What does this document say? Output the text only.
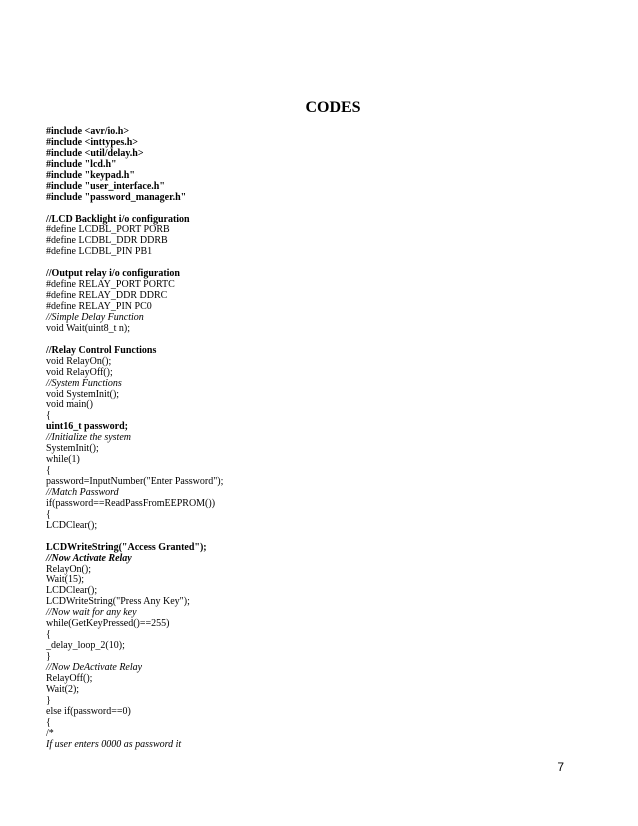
CODES
#include <avr/io.h>
#include <inttypes.h>
#include <util/delay.h>
#include "lcd.h"
#include "keypad.h"
#include "user_interface.h"
#include "password_manager.h"
//LCD Backlight i/o configuration
#define LCDBL_PORT PORB
#define LCDBL_DDR DDRB
#define LCDBL_PIN PB1
//Output relay i/o configuration
#define RELAY_PORT PORTC
#define RELAY_DDR DDRC
#define RELAY_PIN PC0
//Simple Delay Function
void Wait(uint8_t n);
//Relay Control Functions
void RelayOn();
void RelayOff();
//System Functions
void SystemInit();
void main()
{
uint16_t password;
//Initialize the system
SystemInit();
while(1)
{
password=InputNumber("Enter Password");
//Match Password
if(password==ReadPassFromEEPROM())
{
LCDClear();
LCDWriteString("Access Granted");
//Now Activate Relay
RelayOn();
Wait(15);
LCDClear();
LCDWriteString("Press Any Key");
//Now wait for any key
while(GetKeyPressed()==255)
{
_delay_loop_2(10);
}
//Now DeActivate Relay
RelayOff();
Wait(2);
}
else if(password==0)
{
/*
If user enters 0000 as password it
7
